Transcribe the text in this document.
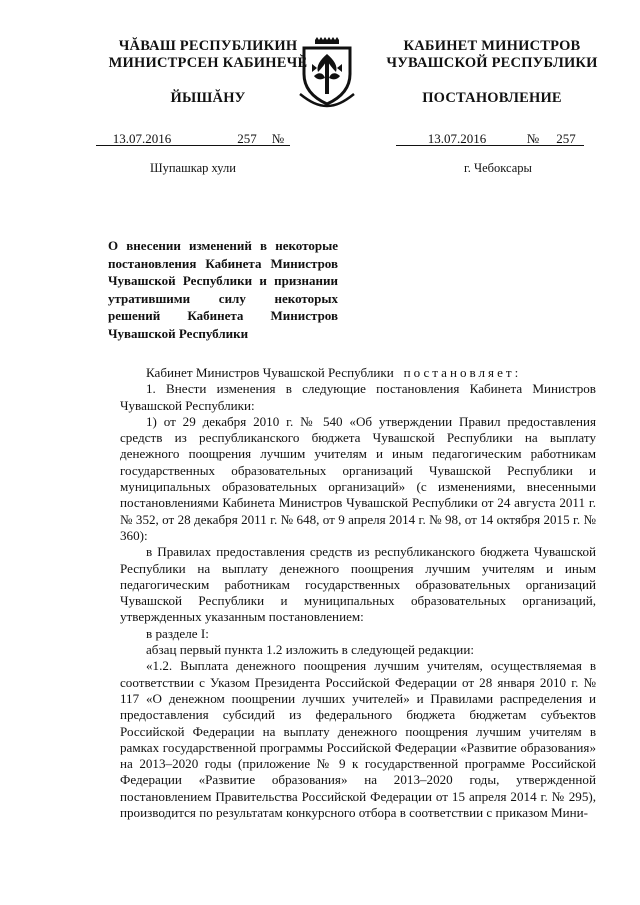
ЧĂВАШ РЕСПУБЛИКИН
МИНИСТРСЕН КАБИНЕЧĔ
ЙЫШĂНУ
КАБИНЕТ МИНИСТРОВ
ЧУВАШСКОЙ РЕСПУБЛИКИ
ПОСТАНОВЛЕНИЕ
13.07.2016	257 №	13.07.2016	№ 257
Шупашкар хули	г. Чебоксары
О внесении изменений в некоторые постановления Кабинета Министров Чувашской Республики и признании утратившими силу некоторых решений Кабинета Министров Чувашской Республики

Кабинет Министров Чувашской Республики постановляет:

1. Внести изменения в следующие постановления Кабинета Министров Чувашской Республики:

1) от 29 декабря 2010 г. № 540 «Об утверждении Правил предоставления средств из республиканского бюджета Чувашской Республики на выплату денежного поощрения лучшим учителям и иным педагогическим работникам государственных образовательных организаций Чувашской Республики и муниципальных образовательных организаций» (с изменениями, внесенными постановлениями Кабинета Министров Чувашской Республики от 24 августа 2011 г. № 352, от 28 декабря 2011 г. № 648, от 9 апреля 2014 г. № 98, от 14 октября 2015 г. № 360):

в Правилах предоставления средств из республиканского бюджета Чувашской Республики на выплату денежного поощрения лучшим учителям и иным педагогическим работникам государственных образовательных организаций Чувашской Республики и муниципальных образовательных организаций, утвержденных указанным постановлением:

в разделе I:

абзац первый пункта 1.2 изложить в следующей редакции:

«1.2. Выплата денежного поощрения лучшим учителям, осуществляемая в соответствии с Указом Президента Российской Федерации от 28 января 2010 г. № 117 «О денежном поощрении лучших учителей» и Правилами распределения и предоставления субсидий из федерального бюджета бюджетам субъектов Российской Федерации на выплату денежного поощрения лучшим учителям в рамках государственной программы Российской Федерации «Развитие образования» на 2013–2020 годы (приложение № 9 к государственной программе Российской Федерации «Развитие образования» на 2013–2020 годы, утвержденной постановлением Правительства Российской Федерации от 15 апреля 2014 г. № 295), производится по результатам конкурсного отбора в соответствии с приказом Мини-
